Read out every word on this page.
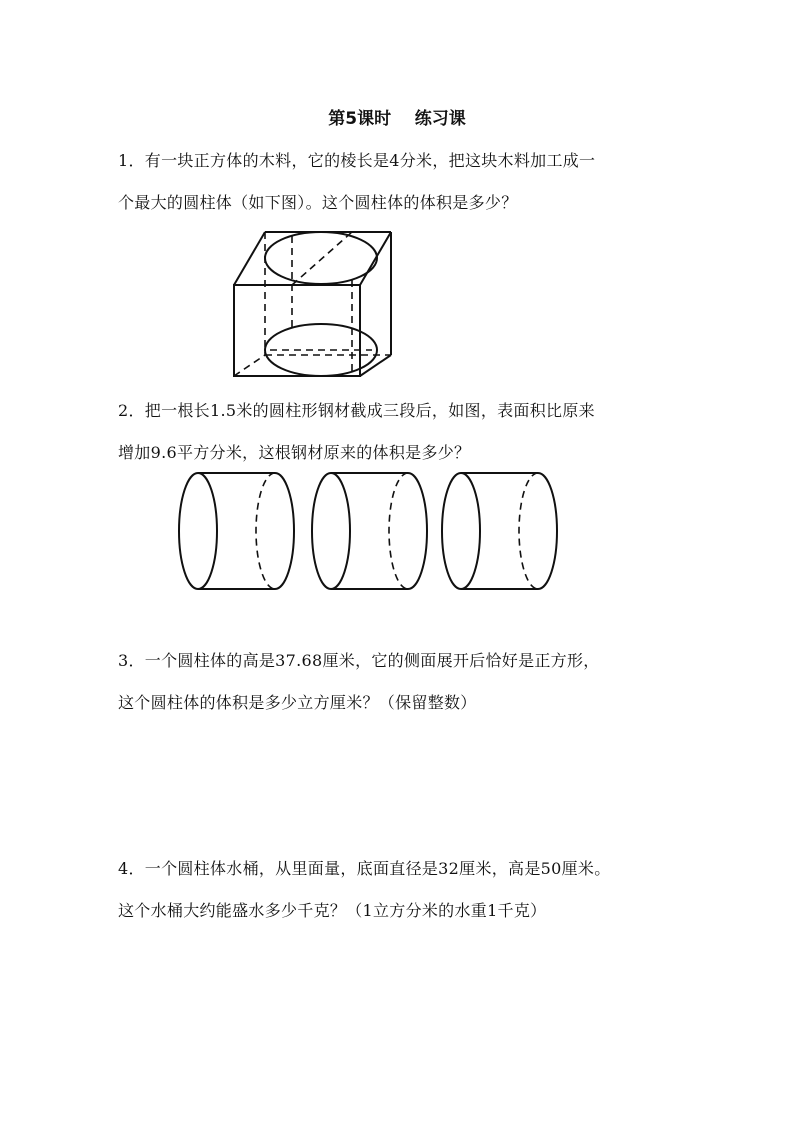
第5课时    练习课
1．有一块正方体的木料，它的棱长是4分米，把这块木料加工成一
个最大的圆柱体（如下图）。这个圆柱体的体积是多少？
2．把一根长1.5米的圆柱形钢材截成三段后，如图，表面积比原来
增加9.6平方分米，这根钢材原来的体积是多少？
3．一个圆柱体的高是37.68厘米，它的侧面展开后恰好是正方形，
这个圆柱体的体积是多少立方厘米？（保留整数）
4．一个圆柱体水桶，从里面量，底面直径是32厘米，高是50厘米。
这个水桶大约能盛水多少千克？（1立方分米的水重1千克）
